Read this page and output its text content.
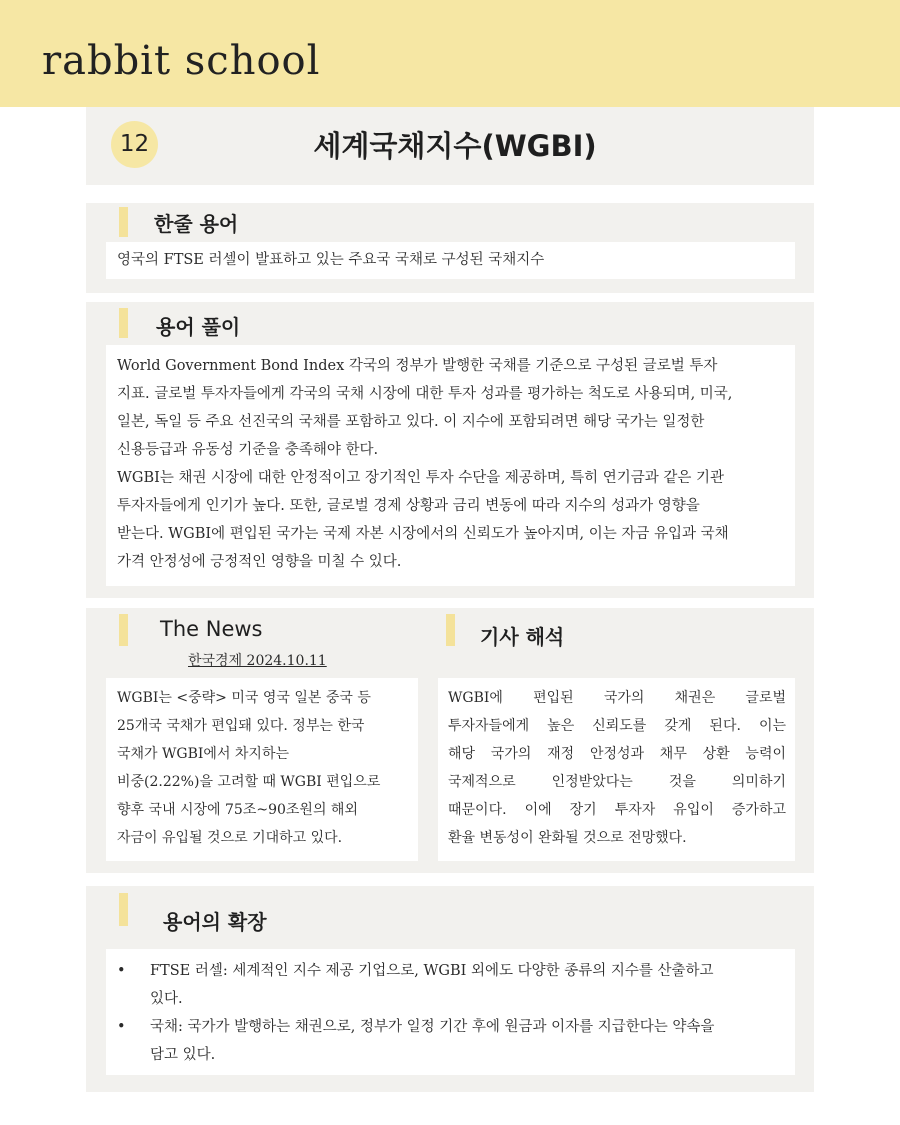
rabbit school
12	세계국채지수(WGBI)
한줄 용어
영국의 FTSE 러셀이 발표하고 있는 주요국 국채로 구성된 국채지수
용어 풀이
World Government Bond Index 각국의 정부가 발행한 국채를 기준으로 구성된 글로벌 투자
지표. 글로벌 투자자들에게 각국의 국채 시장에 대한 투자 성과를 평가하는 척도로 사용되며, 미국,
일본, 독일 등 주요 선진국의 국채를 포함하고 있다. 이 지수에 포함되려면 해당 국가는 일정한
신용등급과 유동성 기준을 충족해야 한다.
WGBI는 채권 시장에 대한 안정적이고 장기적인 투자 수단을 제공하며, 특히 연기금과 같은 기관
투자자들에게 인기가 높다. 또한, 글로벌 경제 상황과 금리 변동에 따라 지수의 성과가 영향을
받는다. WGBI에 편입된 국가는 국제 자본 시장에서의 신뢰도가 높아지며, 이는 자금 유입과 국채
가격 안정성에 긍정적인 영향을 미칠 수 있다.
The News
한국경제 2024.10.11
WGBI는 <중략> 미국 영국 일본 중국 등
25개국 국채가 편입돼 있다. 정부는 한국
국채가 WGBI에서 차지하는
비중(2.22%)을 고려할 때 WGBI 편입으로
향후 국내 시장에 75조~90조원의 해외
자금이 유입될 것으로 기대하고 있다.
기사 해석
WGBI에 편입된 국가의 채권은 글로벌
투자자들에게 높은 신뢰도를 갖게 된다. 이는
해당 국가의 재정 안정성과 채무 상환 능력이
국제적으로 인정받았다는 것을 의미하기
때문이다. 이에 장기 투자자 유입이 증가하고
환율 변동성이 완화될 것으로 전망했다.
용어의 확장
• FTSE 러셀: 세계적인 지수 제공 기업으로, WGBI 외에도 다양한 종류의 지수를 산출하고
있다.
• 국채: 국가가 발행하는 채권으로, 정부가 일정 기간 후에 원금과 이자를 지급한다는 약속을
담고 있다.
